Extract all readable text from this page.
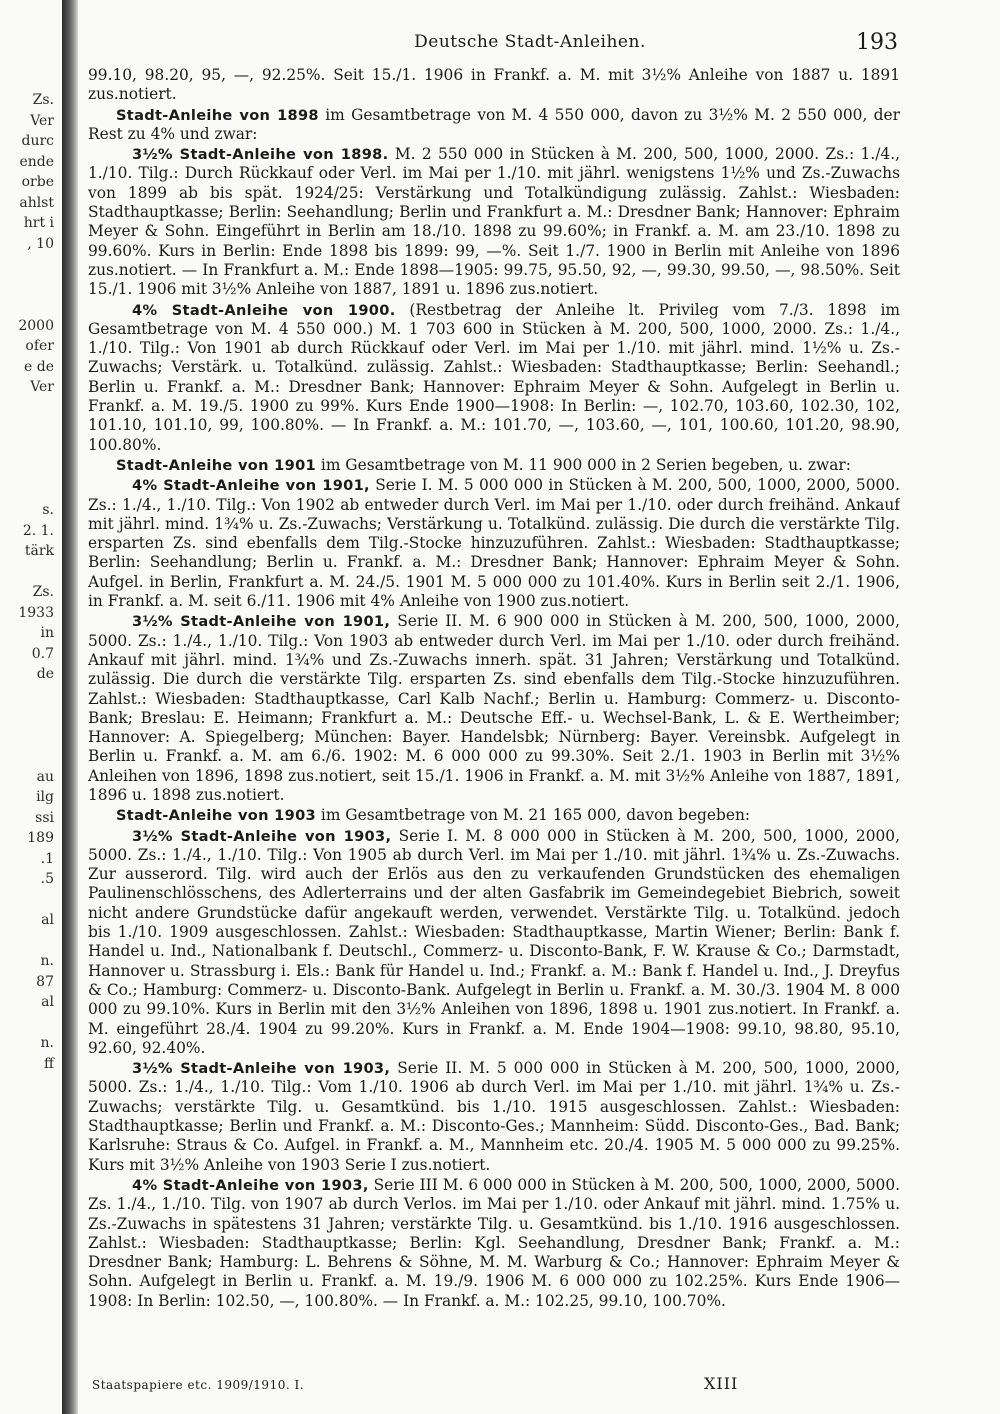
Zs.
Ver
durc
ende
orbe
ahlst
hrt i
, 10
2000
ofer
e de
Ver
s.
2. 1.
tärk
Zs.
1933
in
0.7
de
au
ilg
ssi
189
.1
.5
al
n.
87
al
n.
ff
Deutsche Stadt-Anleihen.	193

99.10, 98.20, 95, —, 92.25%. Seit 15./1. 1906 in Frankf. a. M. mit 3½% Anleihe von 1887 u. 1891 zus.notiert.

Stadt-Anleihe von 1898 im Gesamtbetrage von M. 4 550 000, davon zu 3½% M. 2 550 000, der Rest zu 4% und zwar:

3½% Stadt-Anleihe von 1898. M. 2 550 000 in Stücken à M. 200, 500, 1000, 2000. Zs.: 1./4., 1./10. Tilg.: Durch Rückkauf oder Verl. im Mai per 1./10. mit jährl. wenigstens 1½% und Zs.-Zuwachs von 1899 ab bis spät. 1924/25: Verstärkung und Totalkündigung zulässig. Zahlst.: Wiesbaden: Stadthauptkasse; Berlin: Seehandlung; Berlin und Frankfurt a. M.: Dresdner Bank; Hannover: Ephraim Meyer & Sohn. Eingeführt in Berlin am 18./10. 1898 zu 99.60%; in Frankf. a. M. am 23./10. 1898 zu 99.60%. Kurs in Berlin: Ende 1898 bis 1899: 99, —%. Seit 1./7. 1900 in Berlin mit Anleihe von 1896 zus.notiert. — In Frankfurt a. M.: Ende 1898—1905: 99.75, 95.50, 92, —, 99.30, 99.50, —, 98.50%. Seit 15./1. 1906 mit 3½% Anleihe von 1887, 1891 u. 1896 zus.notiert.

4% Stadt-Anleihe von 1900. (Restbetrag der Anleihe lt. Privileg vom 7./3. 1898 im Gesamtbetrage von M. 4 550 000.) M. 1 703 600 in Stücken à M. 200, 500, 1000, 2000. Zs.: 1./4., 1./10. Tilg.: Von 1901 ab durch Rückkauf oder Verl. im Mai per 1./10. mit jährl. mind. 1½% u. Zs.-Zuwachs; Verstärk. u. Totalkünd. zulässig. Zahlst.: Wiesbaden: Stadthauptkasse; Berlin: Seehandl.; Berlin u. Frankf. a. M.: Dresdner Bank; Hannover: Ephraim Meyer & Sohn. Aufgelegt in Berlin u. Frankf. a. M. 19./5. 1900 zu 99%. Kurs Ende 1900—1908: In Berlin: —, 102.70, 103.60, 102.30, 102, 101.10, 101.10, 99, 100.80%. — In Frankf. a. M.: 101.70, —, 103.60, —, 101, 100.60, 101.20, 98.90, 100.80%.

Stadt-Anleihe von 1901 im Gesamtbetrage von M. 11 900 000 in 2 Serien begeben, u. zwar:

4% Stadt-Anleihe von 1901, Serie I. M. 5 000 000 in Stücken à M. 200, 500, 1000, 2000, 5000. Zs.: 1./4., 1./10. Tilg.: Von 1902 ab entweder durch Verl. im Mai per 1./10. oder durch freihänd. Ankauf mit jährl. mind. 1¾% u. Zs.-Zuwachs; Verstärkung u. Totalkünd. zulässig. Die durch die verstärkte Tilg. ersparten Zs. sind ebenfalls dem Tilg.-Stocke hinzuzuführen. Zahlst.: Wiesbaden: Stadthauptkasse; Berlin: Seehandlung; Berlin u. Frankf. a. M.: Dresdner Bank; Hannover: Ephraim Meyer & Sohn. Aufgel. in Berlin, Frankfurt a. M. 24./5. 1901 M. 5 000 000 zu 101.40%. Kurs in Berlin seit 2./1. 1906, in Frankf. a. M. seit 6./11. 1906 mit 4% Anleihe von 1900 zus.notiert.

3½% Stadt-Anleihe von 1901, Serie II. M. 6 900 000 in Stücken à M. 200, 500, 1000, 2000, 5000. Zs.: 1./4., 1./10. Tilg.: Von 1903 ab entweder durch Verl. im Mai per 1./10. oder durch freihänd. Ankauf mit jährl. mind. 1¾% und Zs.-Zuwachs innerh. spät. 31 Jahren; Verstärkung und Totalkünd. zulässig. Die durch die verstärkte Tilg. ersparten Zs. sind ebenfalls dem Tilg.-Stocke hinzuzuführen. Zahlst.: Wiesbaden: Stadthauptkasse, Carl Kalb Nachf.; Berlin u. Hamburg: Commerz- u. Disconto-Bank; Breslau: E. Heimann; Frankfurt a. M.: Deutsche Eff.- u. Wechsel-Bank, L. & E. Wertheimber; Hannover: A. Spiegelberg; München: Bayer. Handelsbk; Nürnberg: Bayer. Vereinsbk. Aufgelegt in Berlin u. Frankf. a. M. am 6./6. 1902: M. 6 000 000 zu 99.30%. Seit 2./1. 1903 in Berlin mit 3½% Anleihen von 1896, 1898 zus.notiert, seit 15./1. 1906 in Frankf. a. M. mit 3½% Anleihe von 1887, 1891, 1896 u. 1898 zus.notiert.

Stadt-Anleihe von 1903 im Gesamtbetrage von M. 21 165 000, davon begeben:

3½% Stadt-Anleihe von 1903, Serie I. M. 8 000 000 in Stücken à M. 200, 500, 1000, 2000, 5000. Zs.: 1./4., 1./10. Tilg.: Von 1905 ab durch Verl. im Mai per 1./10. mit jährl. 1¾% u. Zs.-Zuwachs. Zur ausserord. Tilg. wird auch der Erlös aus den zu verkaufenden Grundstücken des ehemaligen Paulinenschlösschens, des Adlerterrains und der alten Gasfabrik im Gemeindegebiet Biebrich, soweit nicht andere Grundstücke dafür angekauft werden, verwendet. Verstärkte Tilg. u. Totalkünd. jedoch bis 1./10. 1909 ausgeschlossen. Zahlst.: Wiesbaden: Stadthauptkasse, Martin Wiener; Berlin: Bank f. Handel u. Ind., Nationalbank f. Deutschl., Commerz- u. Disconto-Bank, F. W. Krause & Co.; Darmstadt, Hannover u. Strassburg i. Els.: Bank für Handel u. Ind.; Frankf. a. M.: Bank f. Handel u. Ind., J. Dreyfus & Co.; Hamburg: Commerz- u. Disconto-Bank. Aufgelegt in Berlin u. Frankf. a. M. 30./3. 1904 M. 8 000 000 zu 99.10%. Kurs in Berlin mit den 3½% Anleihen von 1896, 1898 u. 1901 zus.notiert. In Frankf. a. M. eingeführt 28./4. 1904 zu 99.20%. Kurs in Frankf. a. M. Ende 1904—1908: 99.10, 98.80, 95.10, 92.60, 92.40%.

3½% Stadt-Anleihe von 1903, Serie II. M. 5 000 000 in Stücken à M. 200, 500, 1000, 2000, 5000. Zs.: 1./4., 1./10. Tilg.: Vom 1./10. 1906 ab durch Verl. im Mai per 1./10. mit jährl. 1¾% u. Zs.-Zuwachs; verstärkte Tilg. u. Gesamtkünd. bis 1./10. 1915 ausgeschlossen. Zahlst.: Wiesbaden: Stadthauptkasse; Berlin und Frankf. a. M.: Disconto-Ges.; Mannheim: Südd. Disconto-Ges., Bad. Bank; Karlsruhe: Straus & Co. Aufgel. in Frankf. a. M., Mannheim etc. 20./4. 1905 M. 5 000 000 zu 99.25%. Kurs mit 3½% Anleihe von 1903 Serie I zus.notiert.

4% Stadt-Anleihe von 1903, Serie III M. 6 000 000 in Stücken à M. 200, 500, 1000, 2000, 5000. Zs. 1./4., 1./10. Tilg. von 1907 ab durch Verlos. im Mai per 1./10. oder Ankauf mit jährl. mind. 1.75% u. Zs.-Zuwachs in spätestens 31 Jahren; verstärkte Tilg. u. Gesamtkünd. bis 1./10. 1916 ausgeschlossen. Zahlst.: Wiesbaden: Stadthauptkasse; Berlin: Kgl. Seehandlung, Dresdner Bank; Frankf. a. M.: Dresdner Bank; Hamburg: L. Behrens & Söhne, M. M. Warburg & Co.; Hannover: Ephraim Meyer & Sohn. Aufgelegt in Berlin u. Frankf. a. M. 19./9. 1906 M. 6 000 000 zu 102.25%. Kurs Ende 1906—1908: In Berlin: 102.50, —, 100.80%. — In Frankf. a. M.: 102.25, 99.10, 100.70%.

Staatspapiere etc. 1909/1910. I.	XIII
